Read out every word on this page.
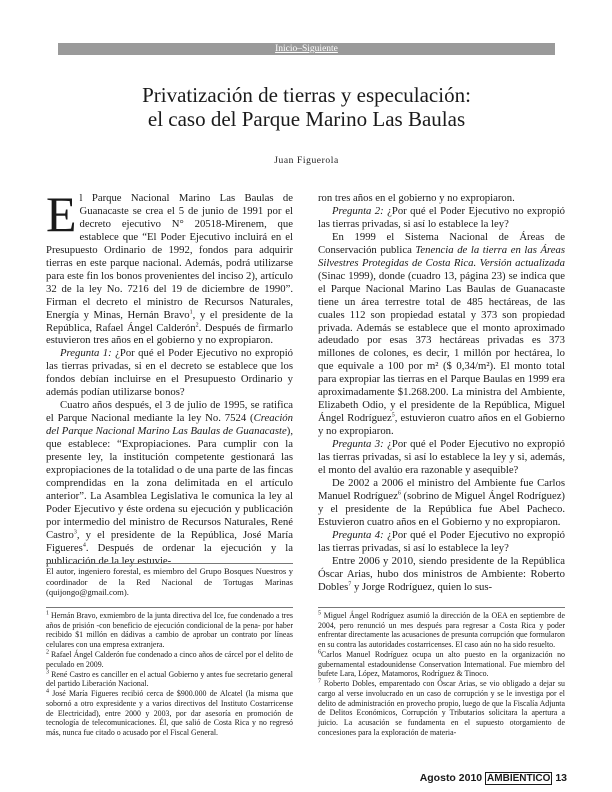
Inicio–Siguiente
Privatización de tierras y especulación:
el caso del Parque Marino Las Baulas
Juan Figuerola

El Parque Nacional Marino Las Baulas de Guanacaste se crea el 5 de junio de 1991 por el decreto ejecutivo N° 20518-Mirenem, que establece que “El Poder Ejecutivo incluirá en el Presupuesto Ordinario de 1992, fondos para adquirir tierras en este parque nacional. Además, podrá utilizarse para este fin los bonos provenientes del inciso 2), artículo 32 de la ley No. 7216 del 19 de diciembre de 1990”. Firman el decreto el ministro de Recursos Naturales, Energía y Minas, Hernán Bravo$^1$, y el presidente de la República, Rafael Ángel Calderón$^2$. Después de firmarlo estuvieron tres años en el gobierno y no expropiaron.

Pregunta 1: ¿Por qué el Poder Ejecutivo no expropió las tierras privadas, si en el decreto se establece que los fondos debían incluirse en el Presupuesto Ordinario y además podían utilizarse bonos?

Cuatro años después, el 3 de julio de 1995, se ratifica el Parque Nacional mediante la ley No. 7524 (Creación del Parque Nacional Marino Las Baulas de Guanacaste), que establece: “Expropiaciones. Para cumplir con la presente ley, la institución competente gestionará las expropiaciones de la totalidad o de una parte de las fincas comprendidas en la zona delimitada en el artículo anterior”. La Asamblea Legislativa le comunica la ley al Poder Ejecutivo y éste ordena su ejecución y publicación por intermedio del ministro de Recursos Naturales, René Castro$^3$, y el presidente de la República, José María Figueres$^4$. Después de ordenar la ejecución y la publicación de la ley estuvie-

ron tres años en el gobierno y no expropiaron.

Pregunta 2: ¿Por qué el Poder Ejecutivo no expropió las tierras privadas, si así lo establece la ley?

En 1999 el Sistema Nacional de Áreas de Conservación publica Tenencia de la tierra en las Áreas Silvestres Protegidas de Costa Rica. Versión actualizada (Sinac 1999), donde (cuadro 13, página 23) se indica que el Parque Nacional Marino Las Baulas de Guanacaste tiene un área terrestre total de 485 hectáreas, de las cuales 112 son propiedad estatal y 373 son propiedad privada. Además se establece que el monto aproximado adeudado por esas 373 hectáreas privadas es 373 millones de colones, es decir, 1 millón por hectárea, lo que equivale a 100 por m² ($ 0,34/m²). El monto total para expropiar las tierras en el Parque Baulas en 1999 era aproximadamente $1.268.200. La ministra del Ambiente, Elizabeth Odio, y el presidente de la República, Miguel Ángel Rodríguez$^5$, estuvieron cuatro años en el Gobierno y no expropiaron.

Pregunta 3: ¿Por qué el Poder Ejecutivo no expropió las tierras privadas, si así lo establece la ley y si, además, el monto del avalúo era razonable y asequible?

De 2002 a 2006 el ministro del Ambiente fue Carlos Manuel Rodríguez$^6$ (sobrino de Miguel Ángel Rodríguez) y el presidente de la República fue Abel Pacheco. Estuvieron cuatro años en el Gobierno y no expropiaron.

Pregunta 4: ¿Por qué el Poder Ejecutivo no expropió las tierras privadas, si así lo establece la ley?

Entre 2006 y 2010, siendo presidente de la República Óscar Arias, hubo dos ministros de Ambiente: Roberto Dobles$^7$ y Jorge Rodríguez, quien lo sus-

El autor, ingeniero forestal, es miembro del Grupo Bosques Nuestros y coordinador de la Red Nacional de Tortugas Marinas (quijongo@gmail.com).

$^1$ Hernán Bravo, exmiembro de la junta directiva del Ice, fue condenado a tres años de prisión -con beneficio de ejecución condicional de la pena- por haber recibido $1 millón en dádivas a cambio de aprobar un contrato por líneas celulares con una empresa extranjera.

$^2$ Rafael Ángel Calderón fue condenado a cinco años de cárcel por el delito de peculado en 2009.

$^3$ René Castro es canciller en el actual Gobierno y antes fue secretario general del partido Liberación Nacional.

$^4$ José María Figueres recibió cerca de $900.000 de Alcatel (la misma que sobornó a otro expresidente y a varios directivos del Instituto Costarricense de Electricidad), entre 2000 y 2003, por dar asesoría en promoción de tecnología de telecomunicaciones. Él, que salió de Costa Rica y no regresó más, nunca fue citado o acusado por el Fiscal General.

$^5$ Miguel Ángel Rodríguez asumió la dirección de la OEA en septiembre de 2004, pero renunció un mes después para regresar a Costa Rica y poder enfrentar directamente las acusaciones de presunta corrupción que formularon en su contra las autoridades costarricenses. El caso aún no ha sido resuelto.

$^6$Carlos Manuel Rodríguez ocupa un alto puesto en la organización no gubernamental estadounidense Conservation International. Fue miembro del bufete Lara, López, Matamoros, Rodríguez & Tinoco.

$^7$ Roberto Dobles, emparentado con Óscar Arias, se vio obligado a dejar su cargo al verse involucrado en un caso de corrupción y se le investiga por el delito de administración en provecho propio, luego de que la Fiscalía Adjunta de Delitos Económicos, Corrupción y Tributarios solicitara la apertura a juicio. La acusación se fundamenta en el supuesto otorgamiento de concesiones para la exploración de materia-

Agosto 2010 AMBIENTICO 13
